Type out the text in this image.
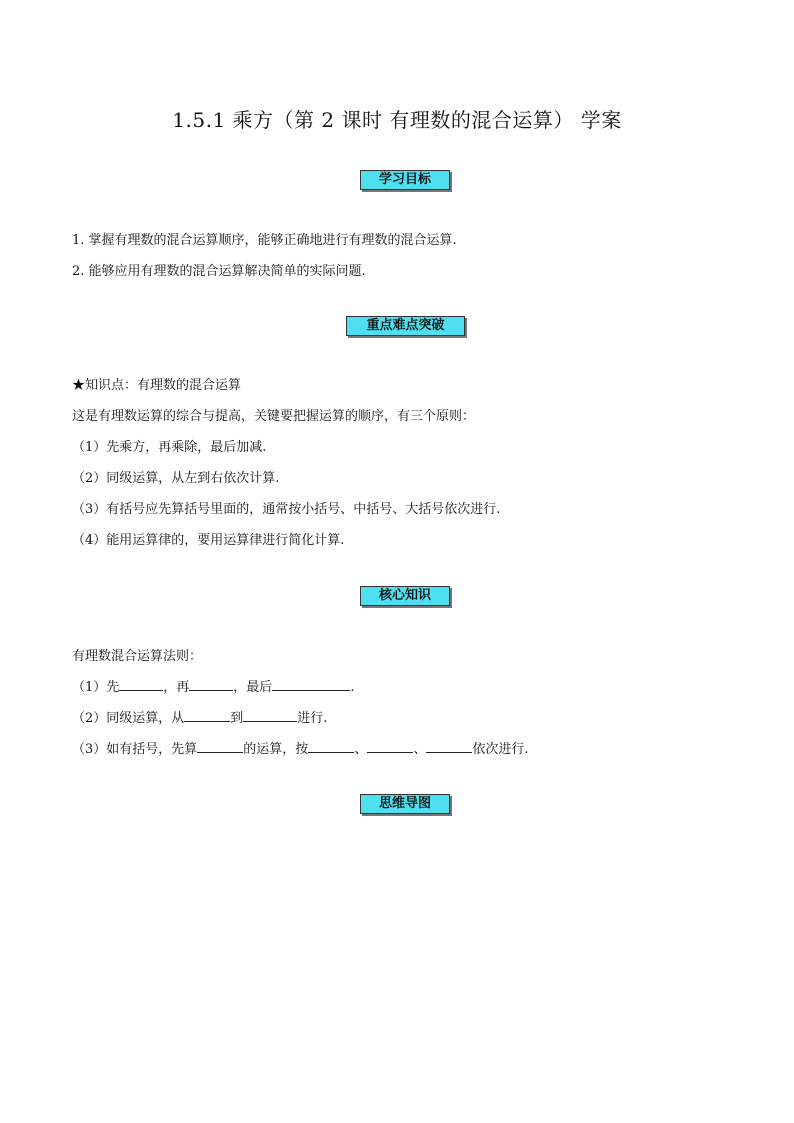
1.5.1 乘方（第 2 课时 有理数的混合运算） 学案
学习目标

1. 掌握有理数的混合运算顺序，能够正确地进行有理数的混合运算.

2. 能够应用有理数的混合运算解决简单的实际问题.

重点难点突破

★知识点：有理数的混合运算

这是有理数运算的综合与提高，关键要把握运算的顺序，有三个原则：

（1）先乘方，再乘除，最后加减.

（2）同级运算，从左到右依次计算.

（3）有括号应先算括号里面的，通常按小括号、中括号、大括号依次进行.

（4）能用运算律的，要用运算律进行简化计算.

核心知识

有理数混合运算法则：

（1）先	，再	，最后	.

（2）同级运算，从	到	进行.

（3）如有括号，先算	的运算，按	、	、	依次进行.

思维导图
